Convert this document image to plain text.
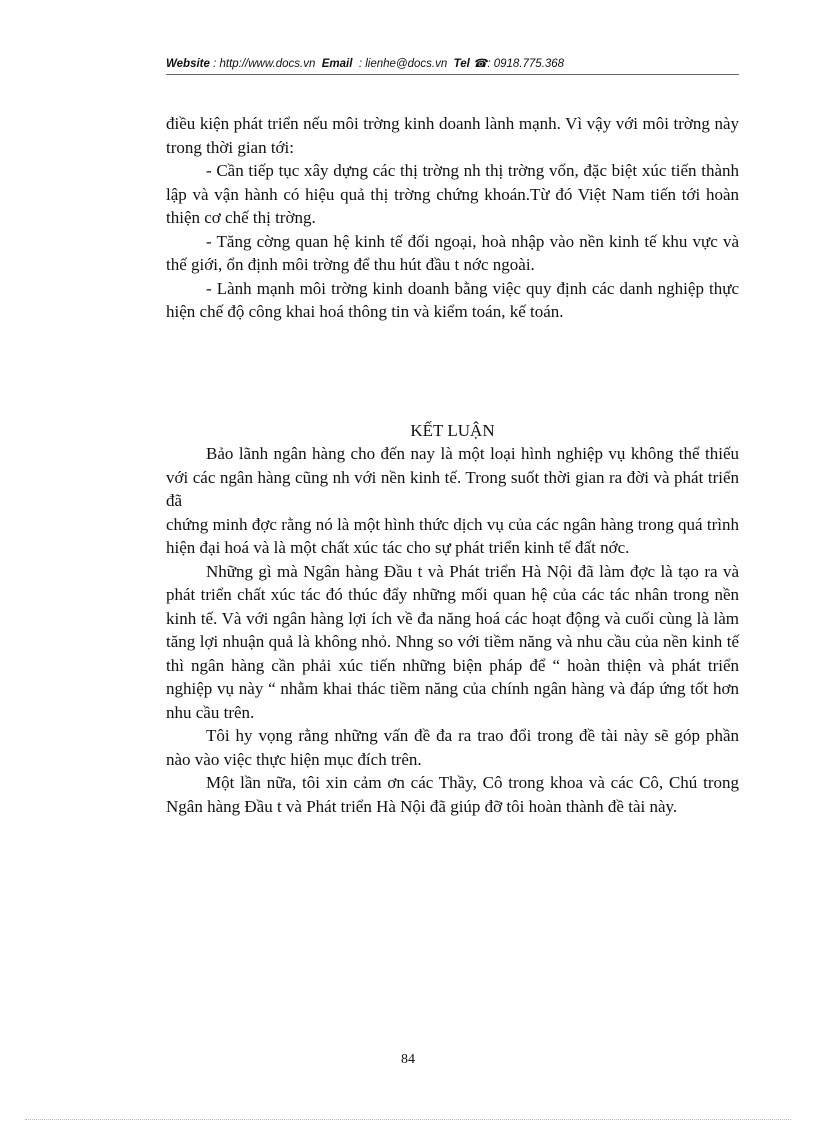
Website : http://www.docs.vn Email : lienhe@docs.vn Tel ☎: 0918.775.368

điều kiện phát triển nếu môi trờng kinh doanh lành mạnh. Vì vậy với môi trờng này trong thời gian tới:

- Cần tiếp tục xây dựng các thị trờng nh thị trờng vốn, đặc biệt xúc tiến thành lập và vận hành có hiệu quả thị trờng chứng khoán.Từ đó Việt Nam tiến tới hoàn thiện cơ chế thị trờng.

- Tăng cờng quan hệ kinh tế đối ngoại, hoà nhập vào nền kinh tế khu vực và thế giới, ổn định môi trờng để thu hút đầu t nớc ngoài.

- Lành mạnh môi trờng kinh doanh bằng việc quy định các danh nghiệp thực hiện chế độ công khai hoá thông tin và kiểm toán, kế toán.

KẾT LUẬN

Bảo lãnh ngân hàng cho đến nay là một loại hình nghiệp vụ không thể thiếu với các ngân hàng cũng nh với nền kinh tế. Trong suốt thời gian ra đời và phát triển đã

chứng minh đợc rằng nó là một hình thức dịch vụ của các ngân hàng trong quá trình hiện đại hoá và là một chất xúc tác cho sự phát triển kinh tế đất nớc.

Những gì mà Ngân hàng Đầu t và Phát triển Hà Nội đã làm đợc là tạo ra và phát triển chất xúc tác đó thúc đẩy những mối quan hệ của các tác nhân trong nền kinh tế. Và với ngân hàng lợi ích về đa năng hoá các hoạt động và cuối cùng là làm tăng lợi nhuận quả là không nhỏ. Nhng so với tiềm năng và nhu cầu của nền kinh tế thì ngân hàng cần phải xúc tiến những biện pháp để “ hoàn thiện và phát triển nghiệp vụ này “ nhằm khai thác tiềm năng của chính ngân hàng và đáp ứng tốt hơn nhu cầu trên.

Tôi hy vọng rằng những vấn đề đa ra trao đổi trong đề tài này sẽ góp phần nào vào việc thực hiện mục đích trên.

Một lần nữa, tôi xin cảm ơn các Thầy, Cô trong khoa và các Cô, Chú trong Ngân hàng Đầu t và Phát triển Hà Nội đã giúp đỡ tôi hoàn thành đề tài này.

84
